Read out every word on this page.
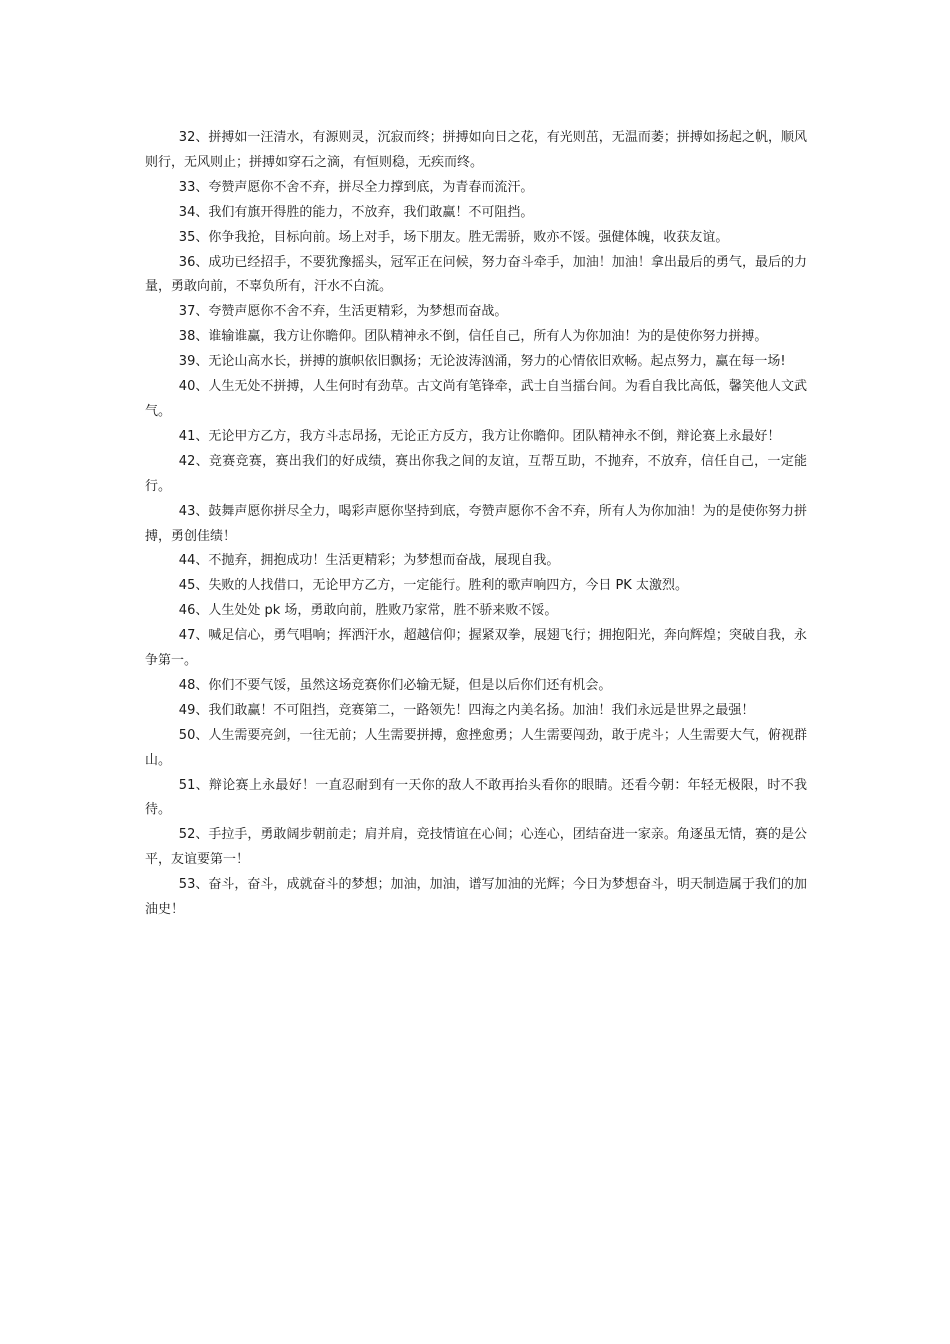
32、拼搏如一汪清水，有源则灵，沉寂而终；拼搏如向日之花，有光则茁，无温而萎；拼搏如扬起之帆，顺风则行，无风则止；拼搏如穿石之滴，有恒则稳，无疾而终。

33、夸赞声愿你不舍不弃，拼尽全力撑到底，为青春而流汗。

34、我们有旗开得胜的能力，不放弃，我们敢赢！不可阻挡。

35、你争我抢，目标向前。场上对手，场下朋友。胜无需骄，败亦不馁。强健体魄，收获友谊。

36、成功已经招手，不要犹豫摇头，冠军正在问候，努力奋斗牵手，加油！加油！拿出最后的勇气，最后的力量，勇敢向前，不辜负所有，汗水不白流。

37、夸赞声愿你不舍不弃，生活更精彩，为梦想而奋战。

38、谁输谁赢，我方让你瞻仰。团队精神永不倒，信任自己，所有人为你加油！为的是使你努力拼搏。

39、无论山高水长，拼搏的旗帜依旧飘扬；无论波涛汹涌，努力的心情依旧欢畅。起点努力，赢在每一场!

40、人生无处不拼搏，人生何时有劲草。古文尚有笔锋牵，武士自当擂台间。为看自我比高低，馨笑他人文武气。

41、无论甲方乙方，我方斗志昂扬，无论正方反方，我方让你瞻仰。团队精神永不倒，辩论赛上永最好！

42、竞赛竞赛，赛出我们的好成绩，赛出你我之间的友谊，互帮互助，不抛弃，不放弃，信任自己，一定能行。

43、鼓舞声愿你拼尽全力，喝彩声愿你坚持到底，夸赞声愿你不舍不弃，所有人为你加油！为的是使你努力拼搏，勇创佳绩！

44、不抛弃，拥抱成功！生活更精彩；为梦想而奋战，展现自我。

45、失败的人找借口，无论甲方乙方，一定能行。胜利的歌声响四方，今日 PK 太激烈。

46、人生处处 pk 场，勇敢向前，胜败乃家常，胜不骄来败不馁。

47、喊足信心，勇气唱响；挥洒汗水，超越信仰；握紧双拳，展翅飞行；拥抱阳光，奔向辉煌；突破自我，永争第一。

48、你们不要气馁，虽然这场竞赛你们必输无疑，但是以后你们还有机会。

49、我们敢赢！不可阻挡，竞赛第二，一路领先！四海之内美名扬。加油！我们永远是世界之最强！

50、人生需要亮剑，一往无前；人生需要拼搏，愈挫愈勇；人生需要闯劲，敢于虎斗；人生需要大气，俯视群山。

51、辩论赛上永最好！一直忍耐到有一天你的敌人不敢再抬头看你的眼睛。还看今朝：年轻无极限，时不我待。

52、手拉手，勇敢阔步朝前走；肩并肩，竞技情谊在心间；心连心，团结奋进一家亲。角逐虽无情，赛的是公平，友谊要第一！

53、奋斗，奋斗，成就奋斗的梦想；加油，加油，谱写加油的光辉；今日为梦想奋斗，明天制造属于我们的加油史！
